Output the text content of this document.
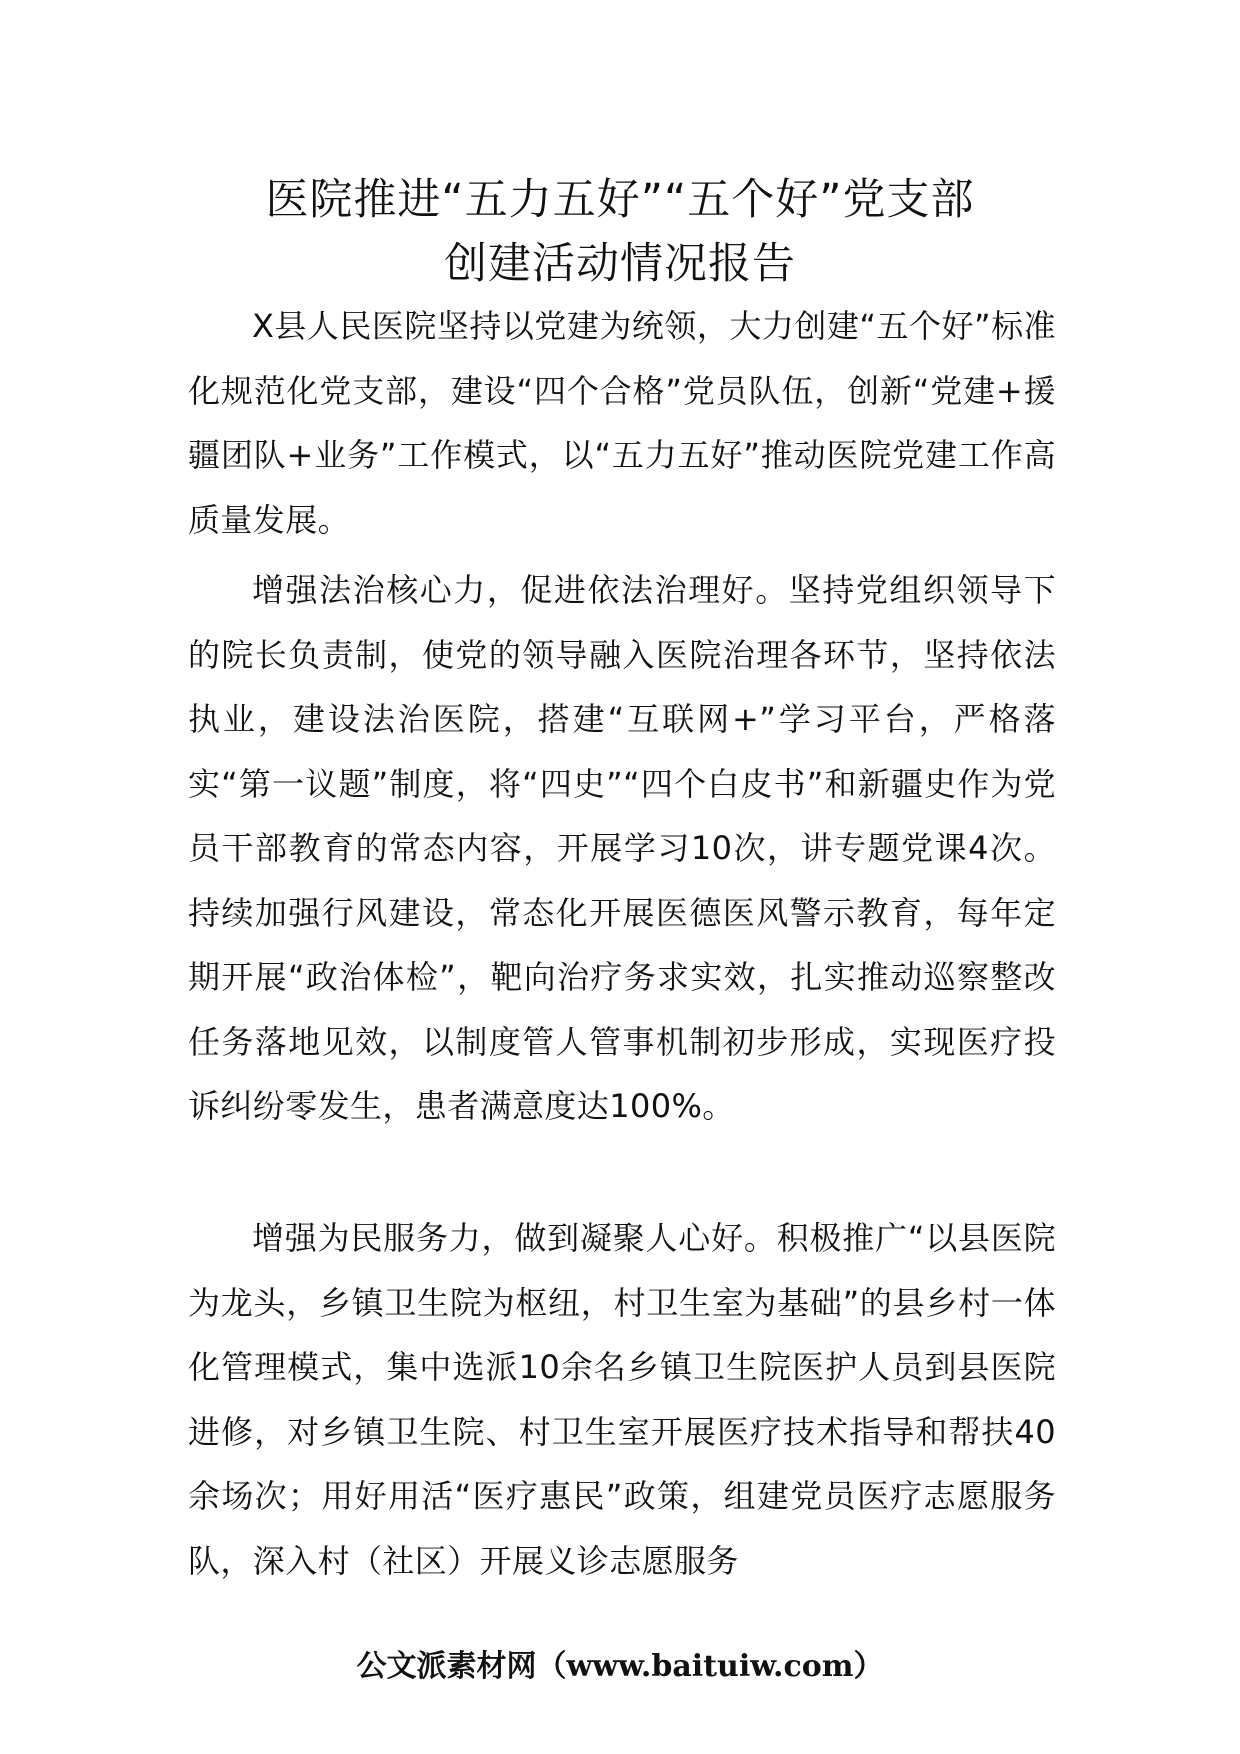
医院推进“五力五好”“五个好”党支部
创建活动情况报告

X县人民医院坚持以党建为统领，大力创建“五个好”标准化规范化党支部，建设“四个合格”党员队伍，创新“党建+援疆团队+业务”工作模式，以“五力五好”推动医院党建工作高质量发展。

增强法治核心力，促进依法治理好。坚持党组织领导下的院长负责制，使党的领导融入医院治理各环节，坚持依法执业，建设法治医院，搭建“互联网+”学习平台，严格落实“第一议题”制度，将“四史”“四个白皮书”和新疆史作为党员干部教育的常态内容，开展学习10次，讲专题党课4次。持续加强行风建设，常态化开展医德医风警示教育，每年定期开展“政治体检”，靶向治疗务求实效，扎实推动巡察整改任务落地见效，以制度管人管事机制初步形成，实现医疗投诉纠纷零发生，患者满意度达100%。

增强为民服务力，做到凝聚人心好。积极推广“以县医院为龙头，乡镇卫生院为枢纽，村卫生室为基础”的县乡村一体化管理模式，集中选派10余名乡镇卫生院医护人员到县医院进修，对乡镇卫生院、村卫生室开展医疗技术指导和帮扶40余场次；用好用活“医疗惠民”政策，组建党员医疗志愿服务队，深入村（社区）开展义诊志愿服务

公文派素材网（www.baituiw.com）
